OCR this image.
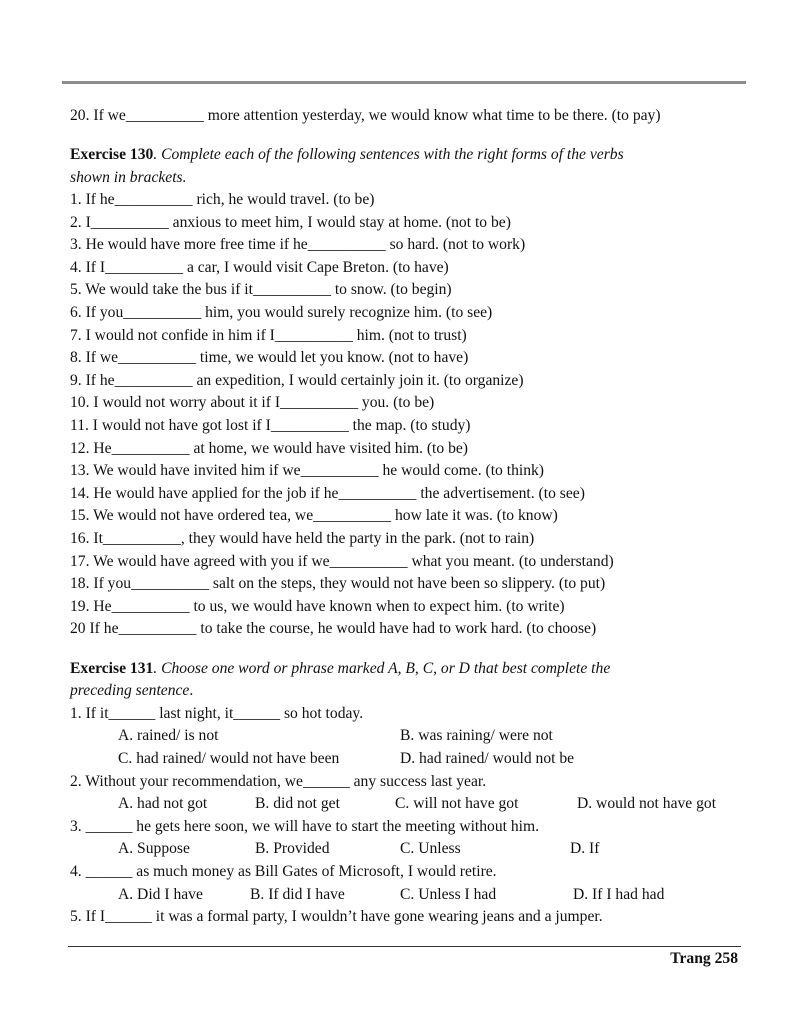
20. If we__________ more attention yesterday, we would know what time to be there. (to pay)
Exercise 130. Complete each of the following sentences with the right forms of the verbs
shown in brackets.
1. If he__________ rich, he would travel. (to be)
2. I__________ anxious to meet him, I would stay at home. (not to be)
3. He would have more free time if he__________ so hard. (not to work)
4. If I__________ a car, I would visit Cape Breton. (to have)
5. We would take the bus if it__________ to snow. (to begin)
6. If you__________ him, you would surely recognize him. (to see)
7. I would not confide in him if I__________ him. (not to trust)
8. If we__________ time, we would let you know. (not to have)
9. If he__________ an expedition, I would certainly join it. (to organize)
10. I would not worry about it if I__________ you. (to be)
11. I would not have got lost if I__________ the map. (to study)
12. He__________ at home, we would have visited him. (to be)
13. We would have invited him if we__________ he would come. (to think)
14. He would have applied for the job if he__________ the advertisement. (to see)
15. We would not have ordered tea, we__________ how late it was. (to know)
16. It__________, they would have held the party in the park. (not to rain)
17. We would have agreed with you if we__________ what you meant. (to understand)
18. If you__________ salt on the steps, they would not have been so slippery. (to put)
19. He__________ to us, we would have known when to expect him. (to write)
20 If he__________ to take the course, he would have had to work hard. (to choose)
Exercise 131. Choose one word or phrase marked A, B, C, or D that best complete the
preceding sentence.
1. If it______ last night, it______ so hot today.
A. rained/ is not	B. was raining/ were not
C. had rained/ would not have been	D. had rained/ would not be
2. Without your recommendation, we______ any success last year.
A. had not got	B. did not get	C. will not have got	D. would not have got
3. ______ he gets here soon, we will have to start the meeting without him.
A. Suppose	B. Provided	C. Unless	D. If
4. ______ as much money as Bill Gates of Microsoft, I would retire.
A. Did I have	B. If did I have	C. Unless I had	D. If I had had
5. If I______ it was a formal party, I wouldn’t have gone wearing jeans and a jumper.
Trang 258
